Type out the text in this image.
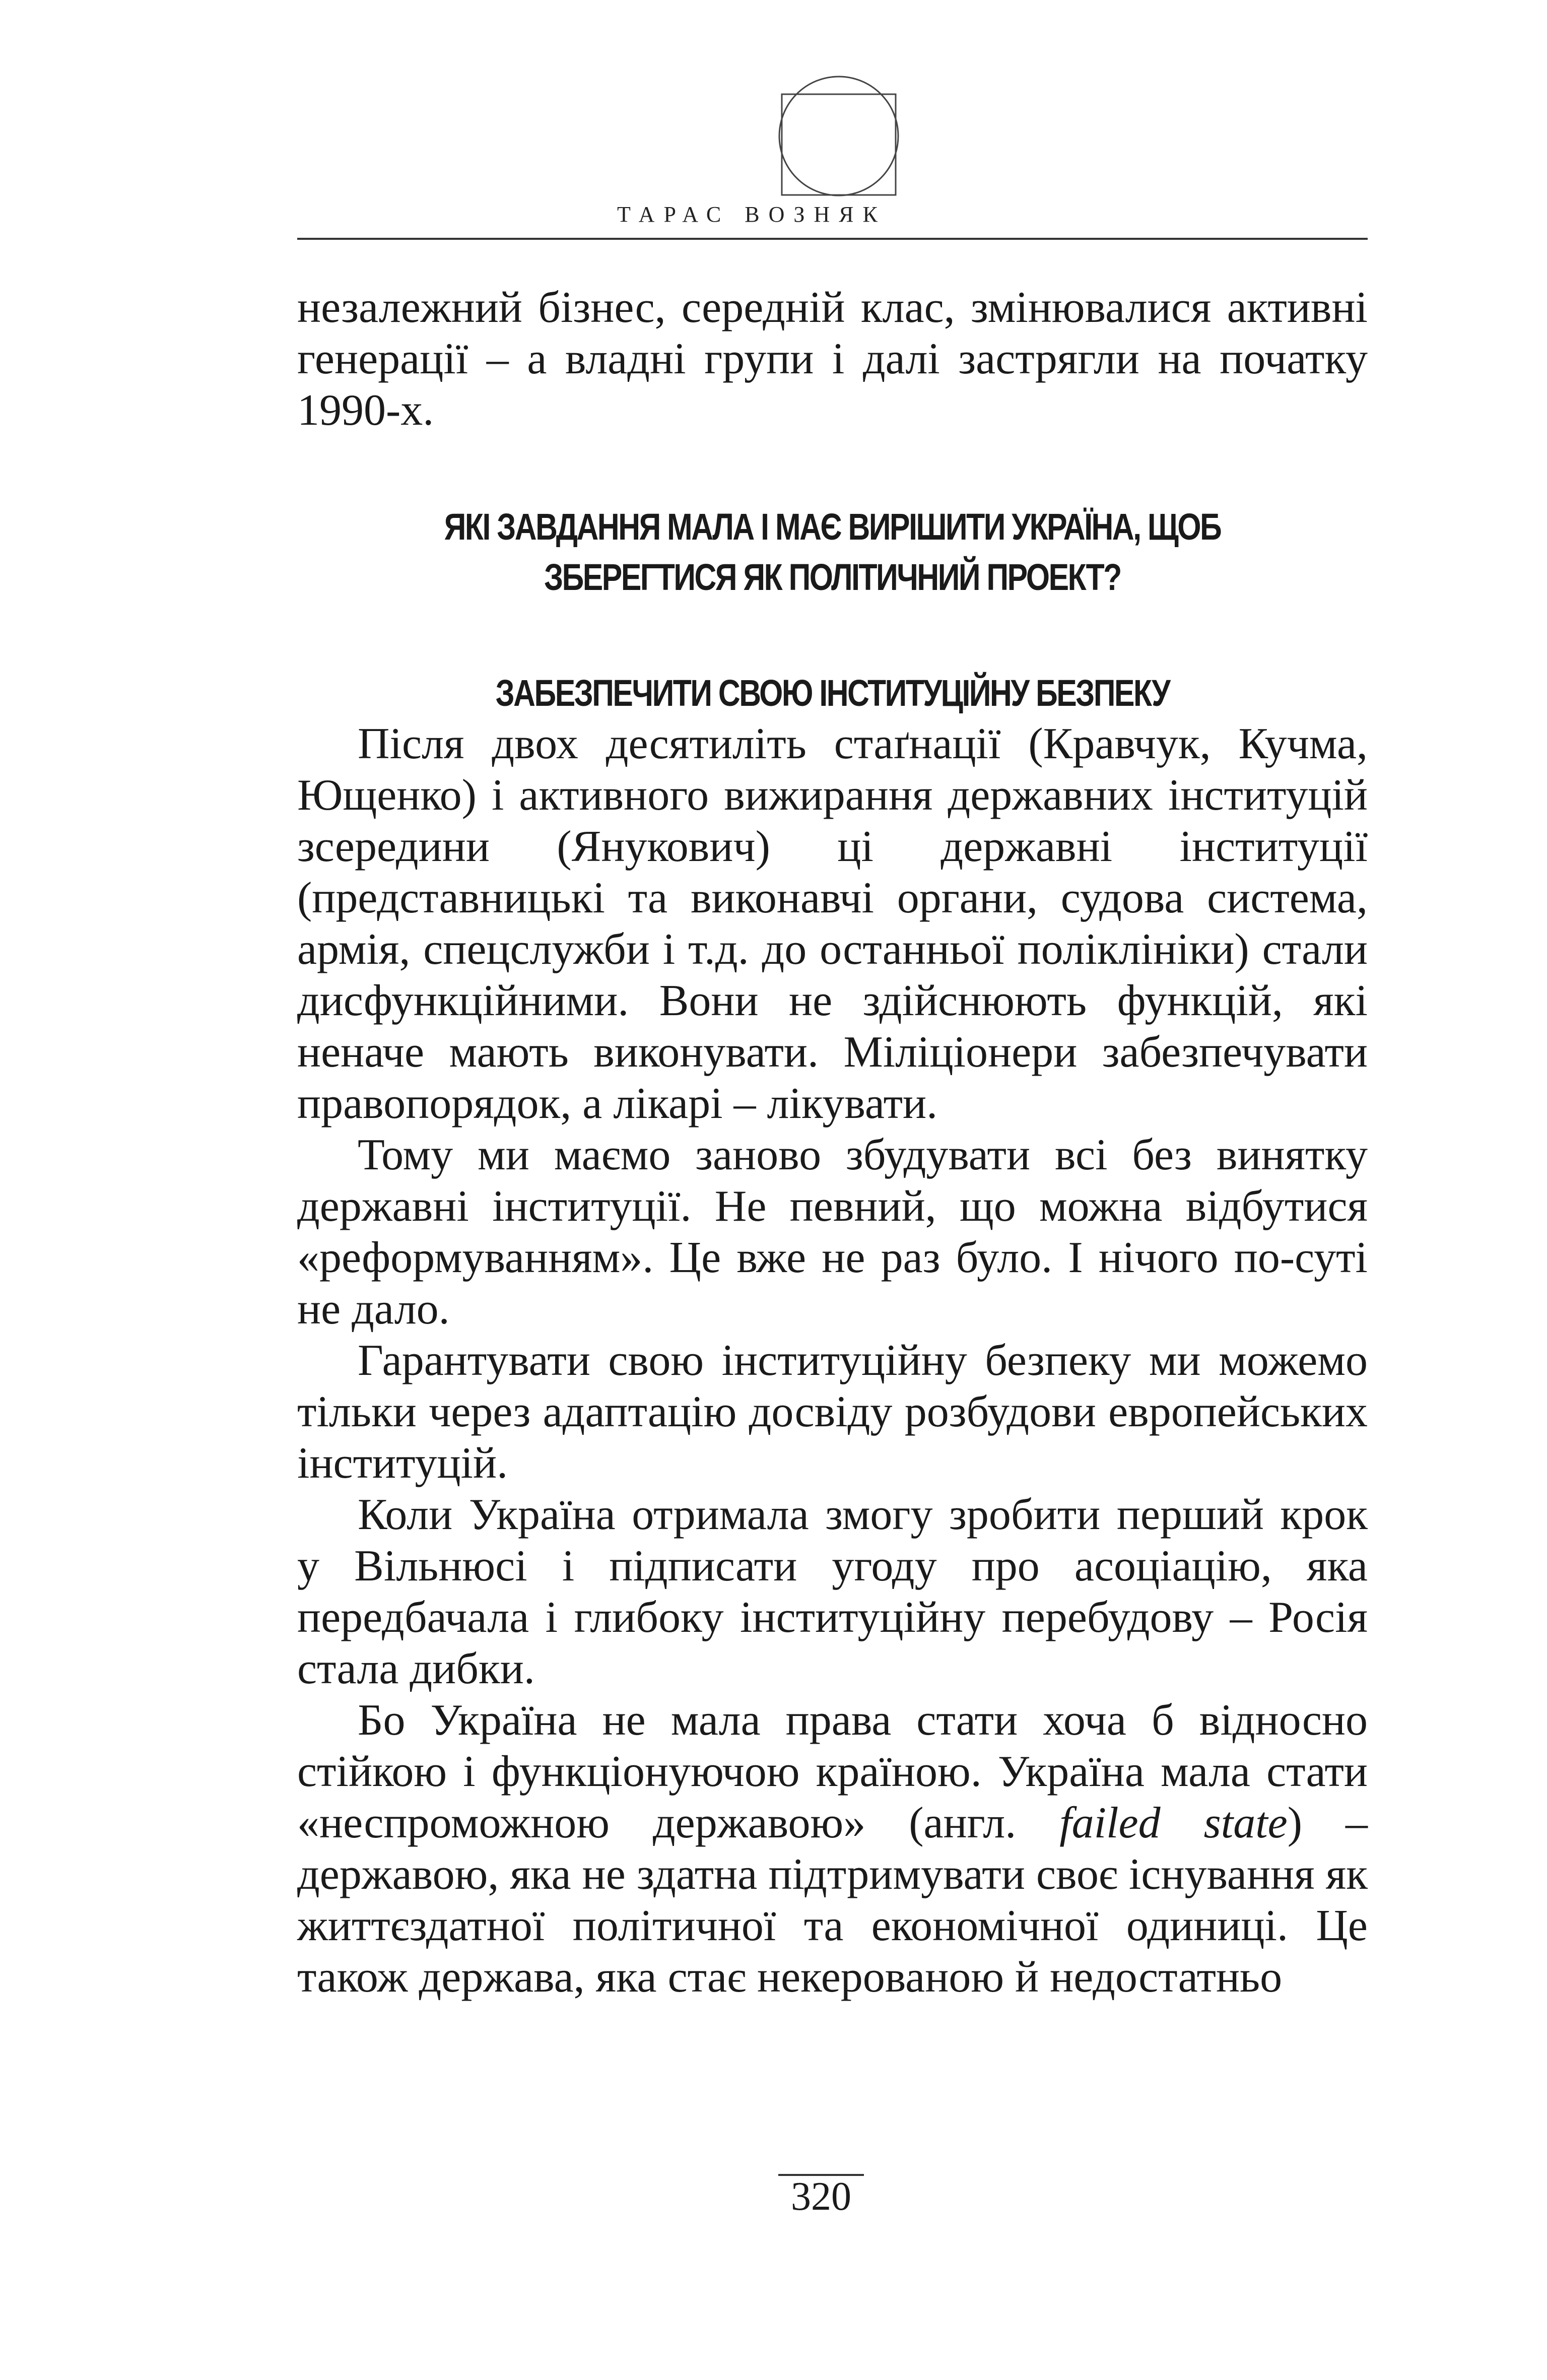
ТАРАС ВОЗНЯК

незалежний бізнес, середній клас, змінювалися активні генерації – а владні групи і далі застрягли на початку 1990-х.

ЯКІ ЗАВДАННЯ МАЛА І МАЄ ВИРІШИТИ УКРАЇНА, ЩОБ ЗБЕРЕГТИСЯ ЯК ПОЛІТИЧНИЙ ПРОЕКТ?
ЗАБЕЗПЕЧИТИ СВОЮ ІНСТИТУЦІЙНУ БЕЗПЕКУ

Після двох десятиліть стаґнації (Кравчук, Кучма, Ющенко) і активного вижирання державних інституцій зсередини (Янукович) ці державні інституції (представницькі та виконавчі органи, судова система, армія, спецслужби і т.д. до останньої поліклініки) стали дисфункційними. Вони не здійснюють функцій, які неначе мають виконувати. Міліціонери забезпечувати правопорядок, а лікарі – лікувати.

Тому ми маємо заново збудувати всі без винятку державні інституції. Не певний, що можна відбутися «реформуванням». Це вже не раз було. І нічого по-суті не дало.

Гарантувати свою інституційну безпеку ми можемо тільки через адаптацію досвіду розбудови европейських інституцій.

Коли Україна отримала змогу зробити перший крок у Вільнюсі і підписати угоду про асоціацію, яка передбачала і глибоку інституційну перебудову – Росія стала дибки.

Бо Україна не мала права стати хоча б відносно стійкою і функціонуючою країною. Україна мала стати «неспроможною державою» (англ. failed state) – державою, яка не здатна підтримувати своє існування як життєздатної політичної та економічної одиниці. Це також держава, яка стає некерованою й недостатньо

320
